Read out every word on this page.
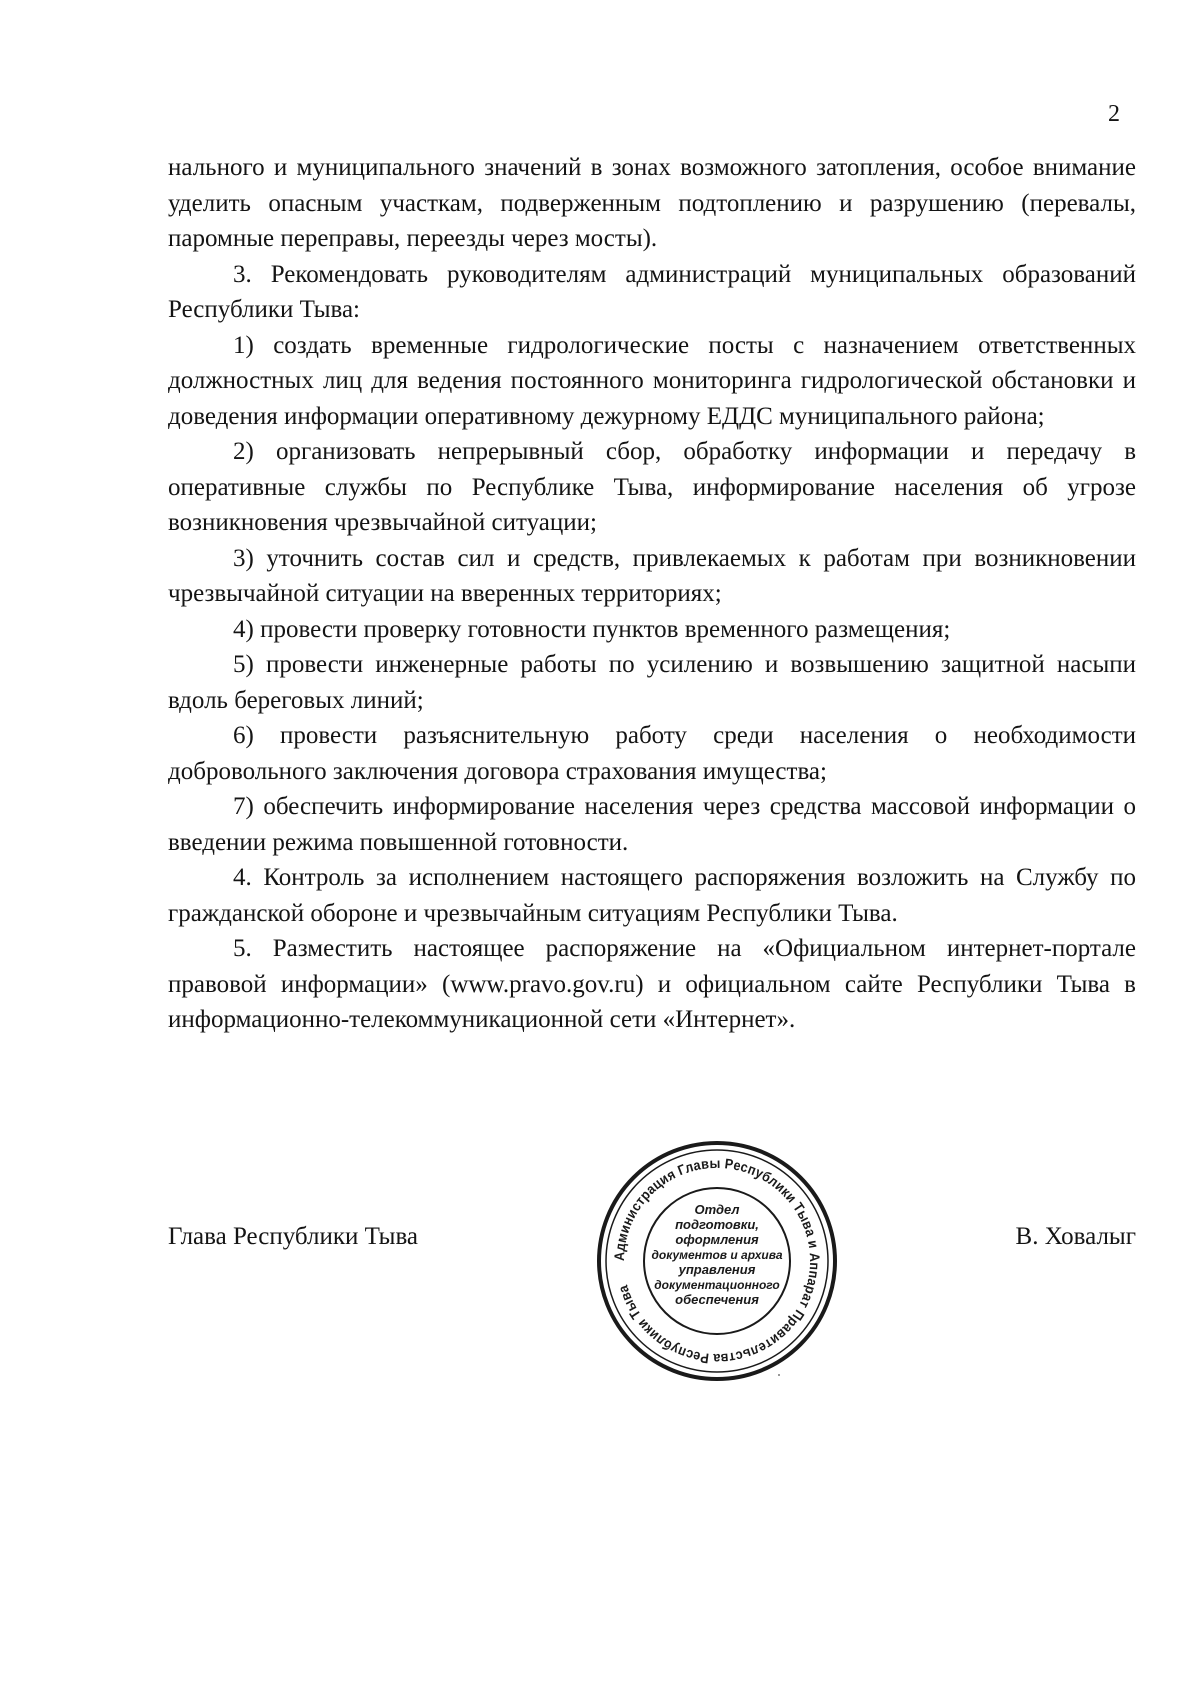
2

нального и муниципального значений в зонах возможного затопления, особое внимание уделить опасным участкам, подверженным подтоплению и разрушению (перевалы, паромные переправы, переезды через мосты).

3. Рекомендовать руководителям администраций муниципальных образований Республики Тыва:

1) создать временные гидрологические посты с назначением ответственных должностных лиц для ведения постоянного мониторинга гидрологической обстановки и доведения информации оперативному дежурному ЕДДС муниципального района;

2) организовать непрерывный сбор, обработку информации и передачу в оперативные службы по Республике Тыва, информирование населения об угрозе возникновения чрезвычайной ситуации;

3) уточнить состав сил и средств, привлекаемых к работам при возникновении чрезвычайной ситуации на вверенных территориях;

4) провести проверку готовности пунктов временного размещения;

5) провести инженерные работы по усилению и возвышению защитной насыпи вдоль береговых линий;

6) провести разъяснительную работу среди населения о необходимости добровольного заключения договора страхования имущества;

7) обеспечить информирование населения через средства массовой информации о введении режима повышенной готовности.

4. Контроль за исполнением настоящего распоряжения возложить на Службу по гражданской обороне и чрезвычайным ситуациям Республики Тыва.

5. Разместить настоящее распоряжение на «Официальном интернет-портале правовой информации» (www.pravo.gov.ru) и официальном сайте Республики Тыва в информационно-телекоммуникационной сети «Интернет».

Глава Республики Тыва	В. Ховалыг
Администрация Главы Республики Тыва и Аппарат Правительства Республики Тыва
Отдел
подготовки,
оформления
документов и архива
управления
документационного
обеспечения
